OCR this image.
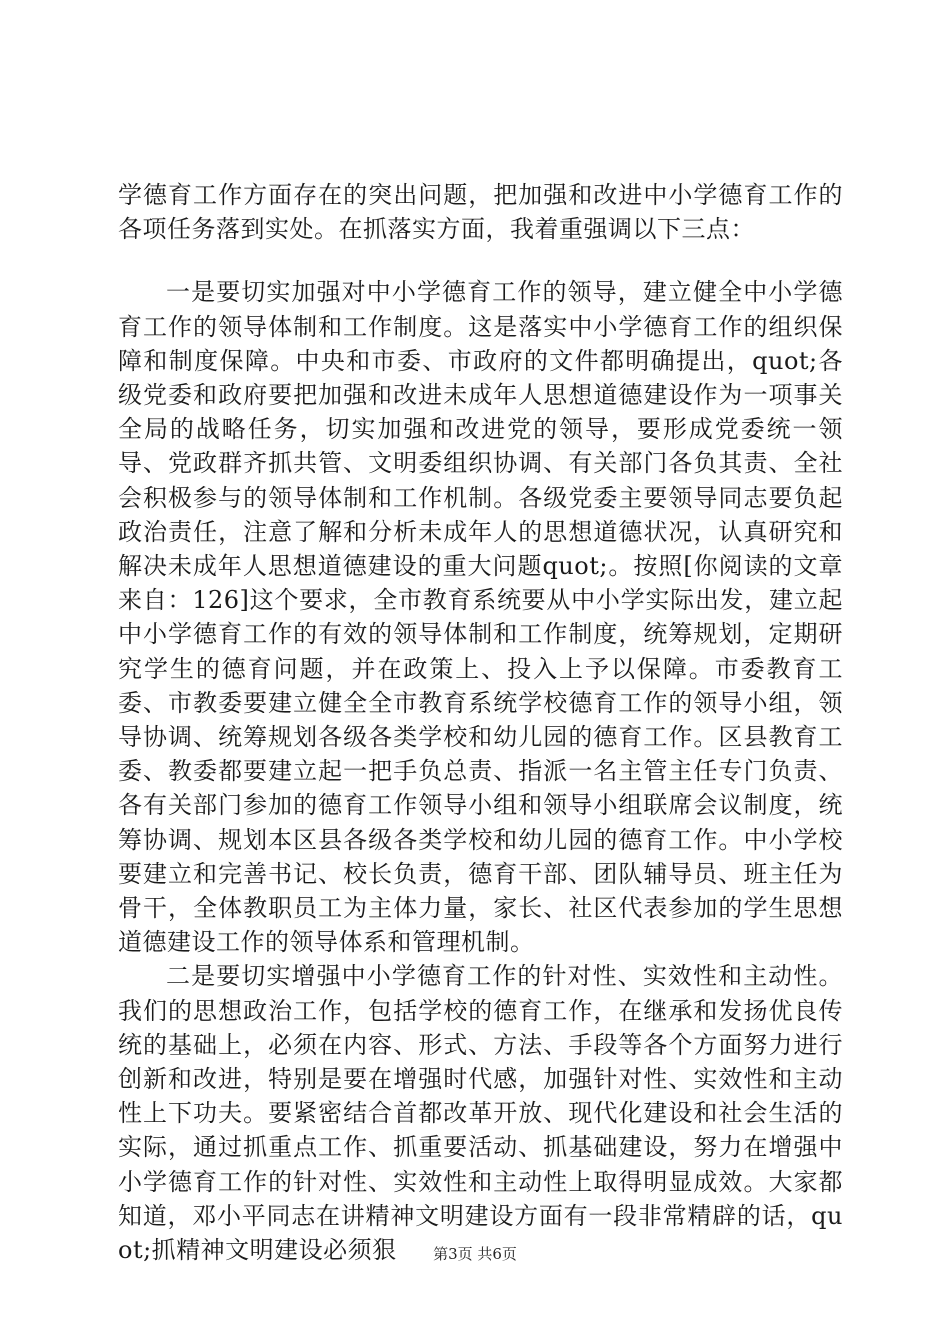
学德育工作方面存在的突出问题，把加强和改进中小学德育工作的各项任务落到实处。在抓落实方面，我着重强调以下三点：

一是要切实加强对中小学德育工作的领导，建立健全中小学德育工作的领导体制和工作制度。这是落实中小学德育工作的组织保障和制度保障。中央和市委、市政府的文件都明确提出，quot;各级党委和政府要把加强和改进未成年人思想道德建设作为一项事关全局的战略任务，切实加强和改进党的领导，要形成党委统一领导、党政群齐抓共管、文明委组织协调、有关部门各负其责、全社会积极参与的领导体制和工作机制。各级党委主要领导同志要负起政治责任，注意了解和分析未成年人的思想道德状况，认真研究和解决未成年人思想道德建设的重大问题quot;。按照[你阅读的文章来自：126]这个要求，全市教育系统要从中小学实际出发，建立起中小学德育工作的有效的领导体制和工作制度，统筹规划，定期研究学生的德育问题，并在政策上、投入上予以保障。市委教育工委、市教委要建立健全全市教育系统学校德育工作的领导小组，领导协调、统筹规划各级各类学校和幼儿园的德育工作。区县教育工委、教委都要建立起一把手负总责、指派一名主管主任专门负责、各有关部门参加的德育工作领导小组和领导小组联席会议制度，统筹协调、规划本区县各级各类学校和幼儿园的德育工作。中小学校要建立和完善书记、校长负责，德育干部、团队辅导员、班主任为骨干，全体教职员工为主体力量，家长、社区代表参加的学生思想道德建设工作的领导体系和管理机制。

二是要切实增强中小学德育工作的针对性、实效性和主动性。我们的思想政治工作，包括学校的德育工作，在继承和发扬优良传统的基础上，必须在内容、形式、方法、手段等各个方面努力进行创新和改进，特别是要在增强时代感，加强针对性、实效性和主动性上下功夫。要紧密结合首都改革开放、现代化建设和社会生活的实际，通过抓重点工作、抓重要活动、抓基础建设，努力在增强中小学德育工作的针对性、实效性和主动性上取得明显成效。大家都知道，邓小平同志在讲精神文明建设方面有一段非常精辟的话，quot;抓精神文明建设必须狠	第3页 共6页
